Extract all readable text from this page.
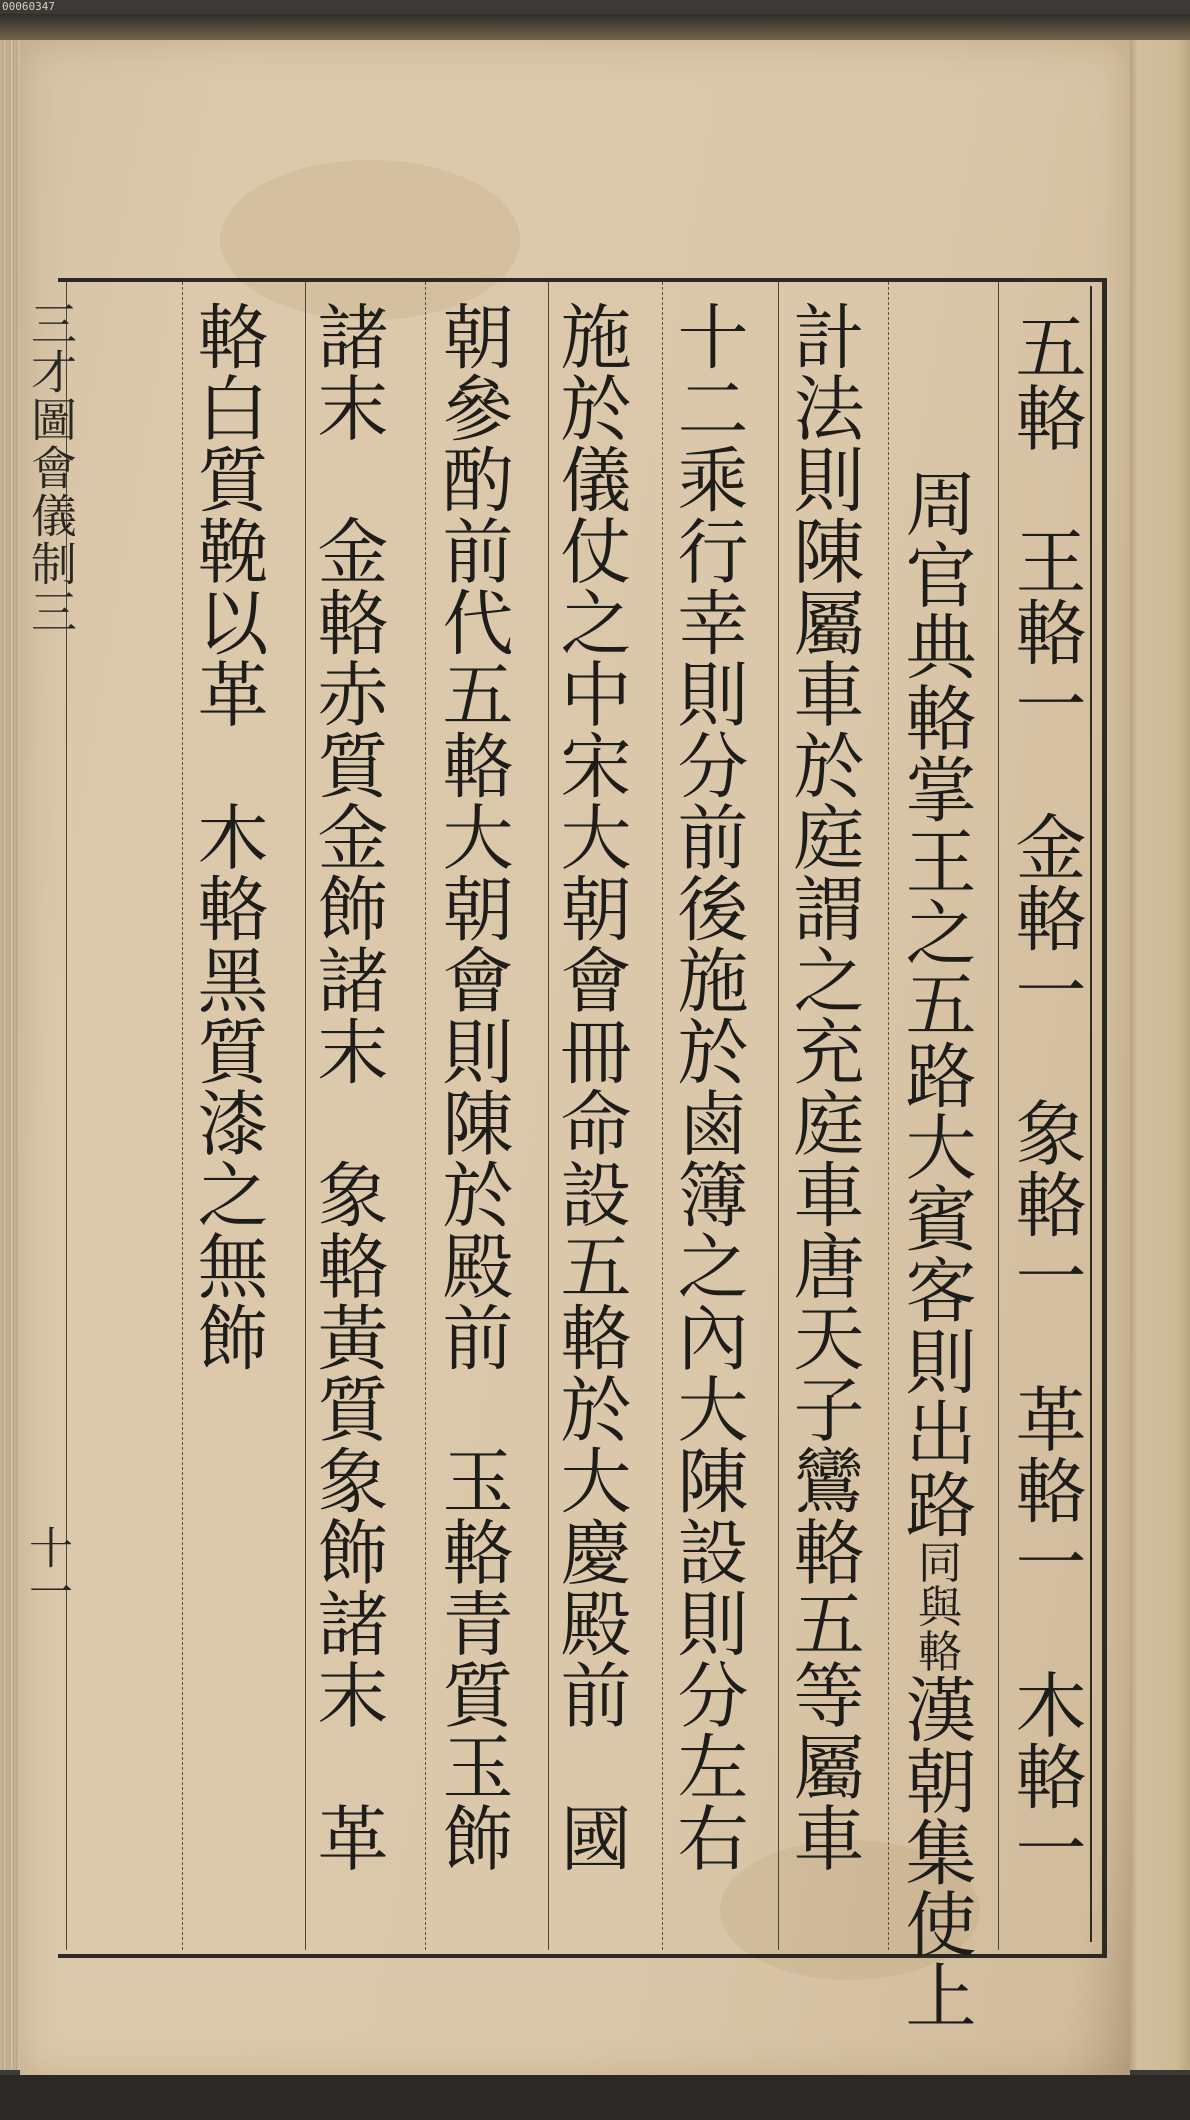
00060347
五輅　王輅一　金輅一　象輅一　革輅一　木輅一

周官典輅掌王之五路大賓客則出路同與輅漢朝集使上

計法則陳屬車於庭謂之充庭車唐天子鸞輅五等屬車
十二乘行幸則分前後施於鹵簿之內大陳設則分左右
施於儀仗之中宋大朝會冊命設五輅於大慶殿前　國
朝參酌前代五輅大朝會則陳於殿前　玉輅青質玉飾
諸末　金輅赤質金飾諸末　象輅黃質象飾諸末　革
輅白質鞔以革　木輅黑質漆之無飾
三才圖會儀制三
十一
